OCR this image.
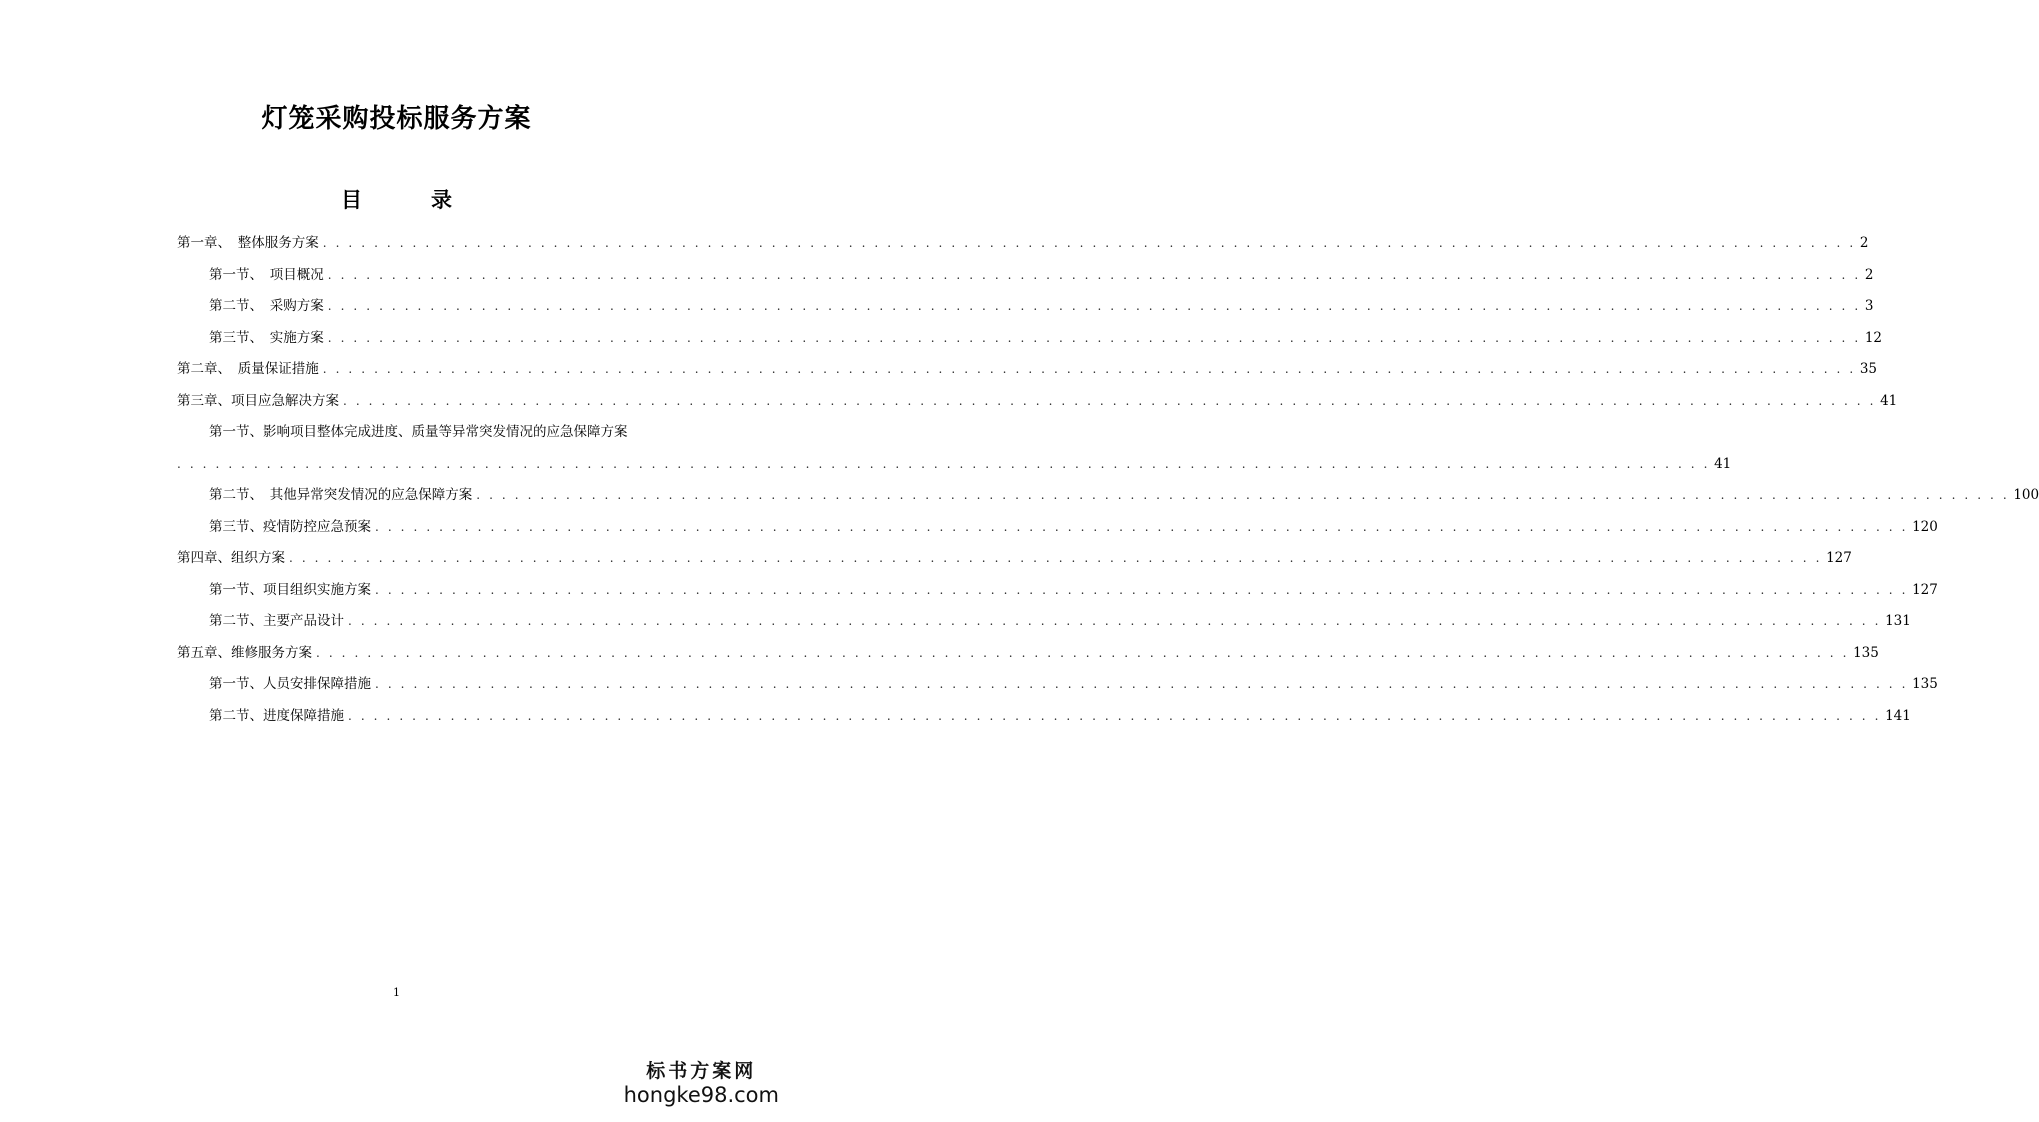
灯笼采购投标服务方案
目　录
第一章、　整体服务方案 . . . . . . . . . . . . . . . . . . . . . . . . . . . . . . . . . . . . . . . . . . . . . . . . . . . . . . . . . . . . . . . . . . . . . . . . . . . . . . . . . . . . . . . . . . . . . . . . . . . . . . . . . . . . . . . . . . . . . . . . 2
第一节、　项目概况 . . . . . . . . . . . . . . . . . . . . . . . . . . . . . . . . . . . . . . . . . . . . . . . . . . . . . . . . . . . . . . . . . . . . . . . . . . . . . . . . . . . . . . . . . . . . . . . . . . . . . . . . . . . . . . . . . . . . . . . . 2
第二节、　采购方案 . . . . . . . . . . . . . . . . . . . . . . . . . . . . . . . . . . . . . . . . . . . . . . . . . . . . . . . . . . . . . . . . . . . . . . . . . . . . . . . . . . . . . . . . . . . . . . . . . . . . . . . . . . . . . . . . . . . . . . . . 3
第三节、　实施方案 . . . . . . . . . . . . . . . . . . . . . . . . . . . . . . . . . . . . . . . . . . . . . . . . . . . . . . . . . . . . . . . . . . . . . . . . . . . . . . . . . . . . . . . . . . . . . . . . . . . . . . . . . . . . . . . . . . . . . . . . 12
第二章、　质量保证措施 . . . . . . . . . . . . . . . . . . . . . . . . . . . . . . . . . . . . . . . . . . . . . . . . . . . . . . . . . . . . . . . . . . . . . . . . . . . . . . . . . . . . . . . . . . . . . . . . . . . . . . . . . . . . . . . . . . . . . . . . 35
第三章、项目应急解决方案 . . . . . . . . . . . . . . . . . . . . . . . . . . . . . . . . . . . . . . . . . . . . . . . . . . . . . . . . . . . . . . . . . . . . . . . . . . . . . . . . . . . . . . . . . . . . . . . . . . . . . . . . . . . . . . . . . . . . . . . . 41
第一节、影响项目整体完成进度、质量等异常突发情况的应急保障方案
. . . . . . . . . . . . . . . . . . . . . . . . . . . . . . . . . . . . . . . . . . . . . . . . . . . . . . . . . . . . . . . . . . . . . . . . . . . . . . . . . . . . . . . . . . . . . . . . . . . . . . . . . . . . . . . . . . . . . . . . 41
第二节、　其他异常突发情况的应急保障方案 . . . . . . . . . . . . . . . . . . . . . . . . . . . . . . . . . . . . . . . . . . . . . . . . . . . . . . . . . . . . . . . . . . . . . . . . . . . . . . . . . . . . . . . . . . . . . . . . . . . . . . . . . . . . . . . . . . . . . . . . 100
第三节、疫情防控应急预案 . . . . . . . . . . . . . . . . . . . . . . . . . . . . . . . . . . . . . . . . . . . . . . . . . . . . . . . . . . . . . . . . . . . . . . . . . . . . . . . . . . . . . . . . . . . . . . . . . . . . . . . . . . . . . . . . . . . . . . . . 120
第四章、组织方案 . . . . . . . . . . . . . . . . . . . . . . . . . . . . . . . . . . . . . . . . . . . . . . . . . . . . . . . . . . . . . . . . . . . . . . . . . . . . . . . . . . . . . . . . . . . . . . . . . . . . . . . . . . . . . . . . . . . . . . . . 127
第一节、项目组织实施方案 . . . . . . . . . . . . . . . . . . . . . . . . . . . . . . . . . . . . . . . . . . . . . . . . . . . . . . . . . . . . . . . . . . . . . . . . . . . . . . . . . . . . . . . . . . . . . . . . . . . . . . . . . . . . . . . . . . . . . . . . 127
第二节、主要产品设计 . . . . . . . . . . . . . . . . . . . . . . . . . . . . . . . . . . . . . . . . . . . . . . . . . . . . . . . . . . . . . . . . . . . . . . . . . . . . . . . . . . . . . . . . . . . . . . . . . . . . . . . . . . . . . . . . . . . . . . . . 131
第五章、维修服务方案 . . . . . . . . . . . . . . . . . . . . . . . . . . . . . . . . . . . . . . . . . . . . . . . . . . . . . . . . . . . . . . . . . . . . . . . . . . . . . . . . . . . . . . . . . . . . . . . . . . . . . . . . . . . . . . . . . . . . . . . . 135
第一节、人员安排保障措施 . . . . . . . . . . . . . . . . . . . . . . . . . . . . . . . . . . . . . . . . . . . . . . . . . . . . . . . . . . . . . . . . . . . . . . . . . . . . . . . . . . . . . . . . . . . . . . . . . . . . . . . . . . . . . . . . . . . . . . . . 135
第二节、进度保障措施 . . . . . . . . . . . . . . . . . . . . . . . . . . . . . . . . . . . . . . . . . . . . . . . . . . . . . . . . . . . . . . . . . . . . . . . . . . . . . . . . . . . . . . . . . . . . . . . . . . . . . . . . . . . . . . . . . . . . . . . . 141
1
标书方案网
hongke98.com
